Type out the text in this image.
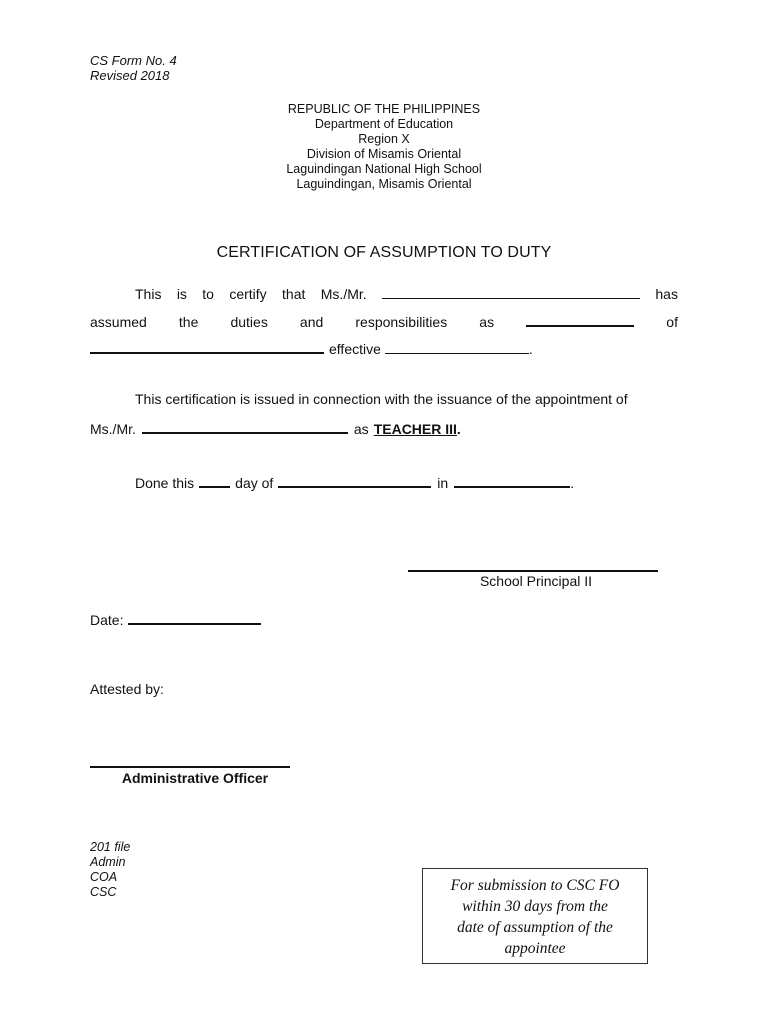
CS Form No. 4
Revised 2018
REPUBLIC OF THE PHILIPPINES
Department of Education
Region X
Division of Misamis Oriental
Laguindingan National High School
Laguindingan, Misamis Oriental
CERTIFICATION OF ASSUMPTION TO DUTY
This is to certify that Ms./Mr.	has
assumed the duties and responsibilities as	of
effective	.
This certification is issued in connection with the issuance of the appointment of
Ms./Mr.	as TEACHER III .
Done this	day of	in	.
School Principal II
Date:
Attested by:
Administrative Officer
201 file
Admin
COA
CSC	For submission to CSC FO
within 30 days from the
date of assumption of the
appointee
